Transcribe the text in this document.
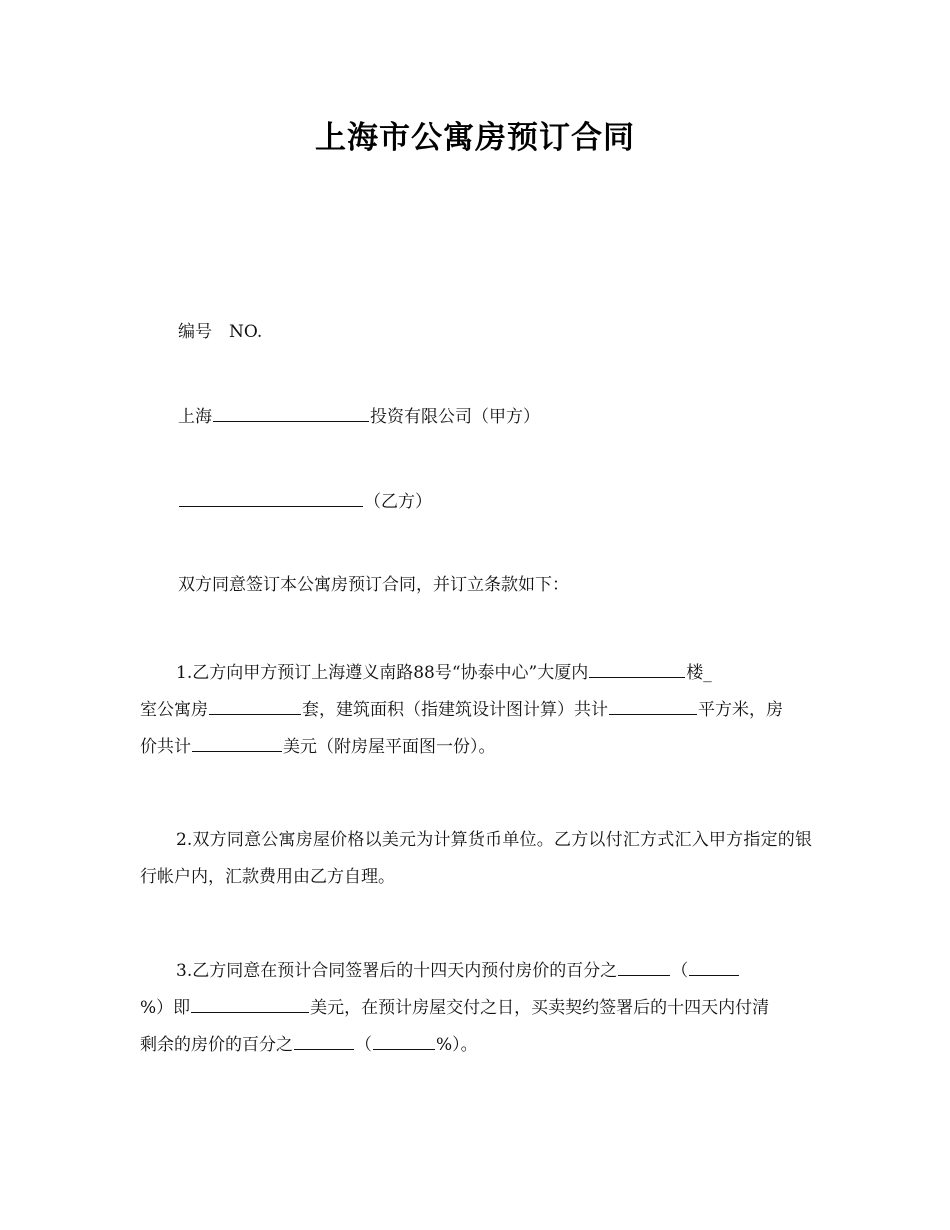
上海市公寓房预订合同
编号　NO.
上海	投资有限公司（甲方）
（乙方）
双方同意签订本公寓房预订合同，并订立条款如下：
1.乙方向甲方预订上海遵义南路88号“协泰中心”大厦内	楼_
室公寓房	套，建筑面积（指建筑设计图计算）共计	平方米，房
价共计	美元（附房屋平面图一份）。
2.双方同意公寓房屋价格以美元为计算货币单位。乙方以付汇方式汇入甲方指定的银行帐户内，汇款费用由乙方自理。
3.乙方同意在预计合同签署后的十四天内预付房价的百分之	（
%）即	美元，在预计房屋交付之日，买卖契约签署后的十四天内付清
剩余的房价的百分之	（	%）。
